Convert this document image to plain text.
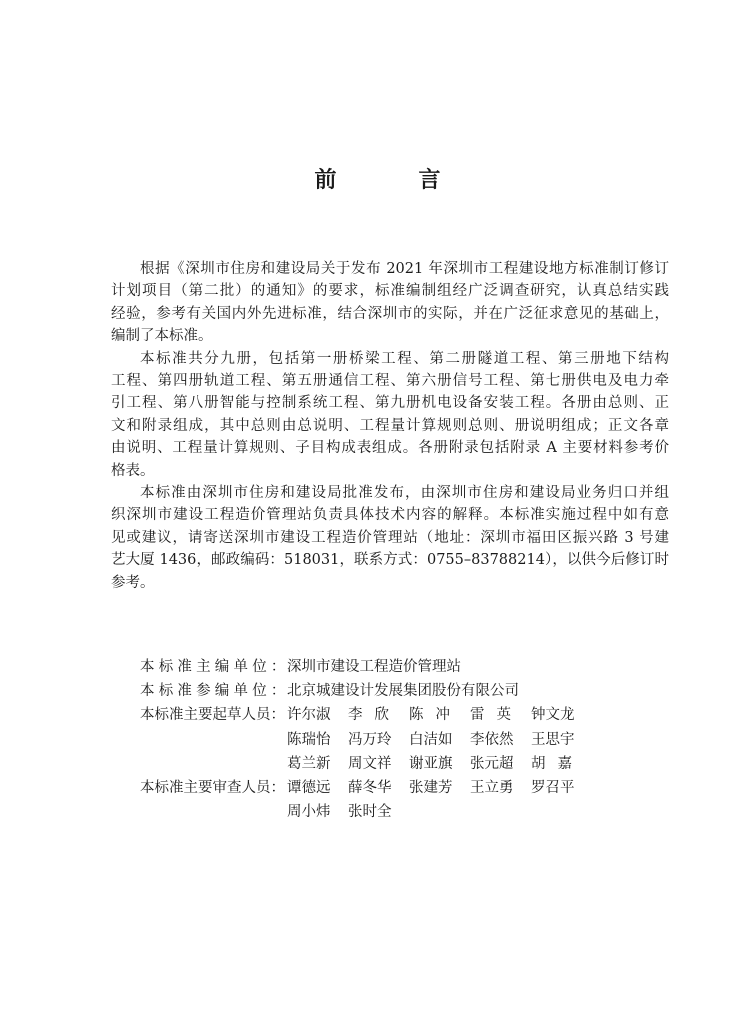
前　言
根据《深圳市住房和建设局关于发布 2021 年深圳市工程建设地方标准制订修订
计划项目（第二批）的通知》的要求，标准编制组经广泛调查研究，认真总结实践
经验，参考有关国内外先进标准，结合深圳市的实际，并在广泛征求意见的基础上，
编制了本标准。
本标准共分九册，包括第一册桥梁工程、第二册隧道工程、第三册地下结构
工程、第四册轨道工程、第五册通信工程、第六册信号工程、第七册供电及电力牵
引工程、第八册智能与控制系统工程、第九册机电设备安装工程。各册由总则、正
文和附录组成，其中总则由总说明、工程量计算规则总则、册说明组成；正文各章
由说明、工程量计算规则、子目构成表组成。各册附录包括附录 A 主要材料参考价
格表。
本标准由深圳市住房和建设局批准发布，由深圳市住房和建设局业务归口并组
织深圳市建设工程造价管理站负责具体技术内容的解释。本标准实施过程中如有意
见或建议，请寄送深圳市建设工程造价管理站（地址：深圳市福田区振兴路 3 号建
艺大厦 1436，邮政编码：518031，联系方式：0755–83788214），以供今后修订时
参考。
本标准主编单位：
深圳市建设工程造价管理站
本标准参编单位：
北京城建设计发展集团股份有限公司
本标准主要起草人员： 许尔淑	李欣 陈冲 雷英 钟文龙
陈瑞怡	冯万玲	白洁如	李依然	王思宇
葛兰新	周文祥	谢亚旗	张元超	胡嘉
本标准主要审查人员： 谭德远	薛冬华	张建芳	王立勇	罗召平
周小炜	张时全
